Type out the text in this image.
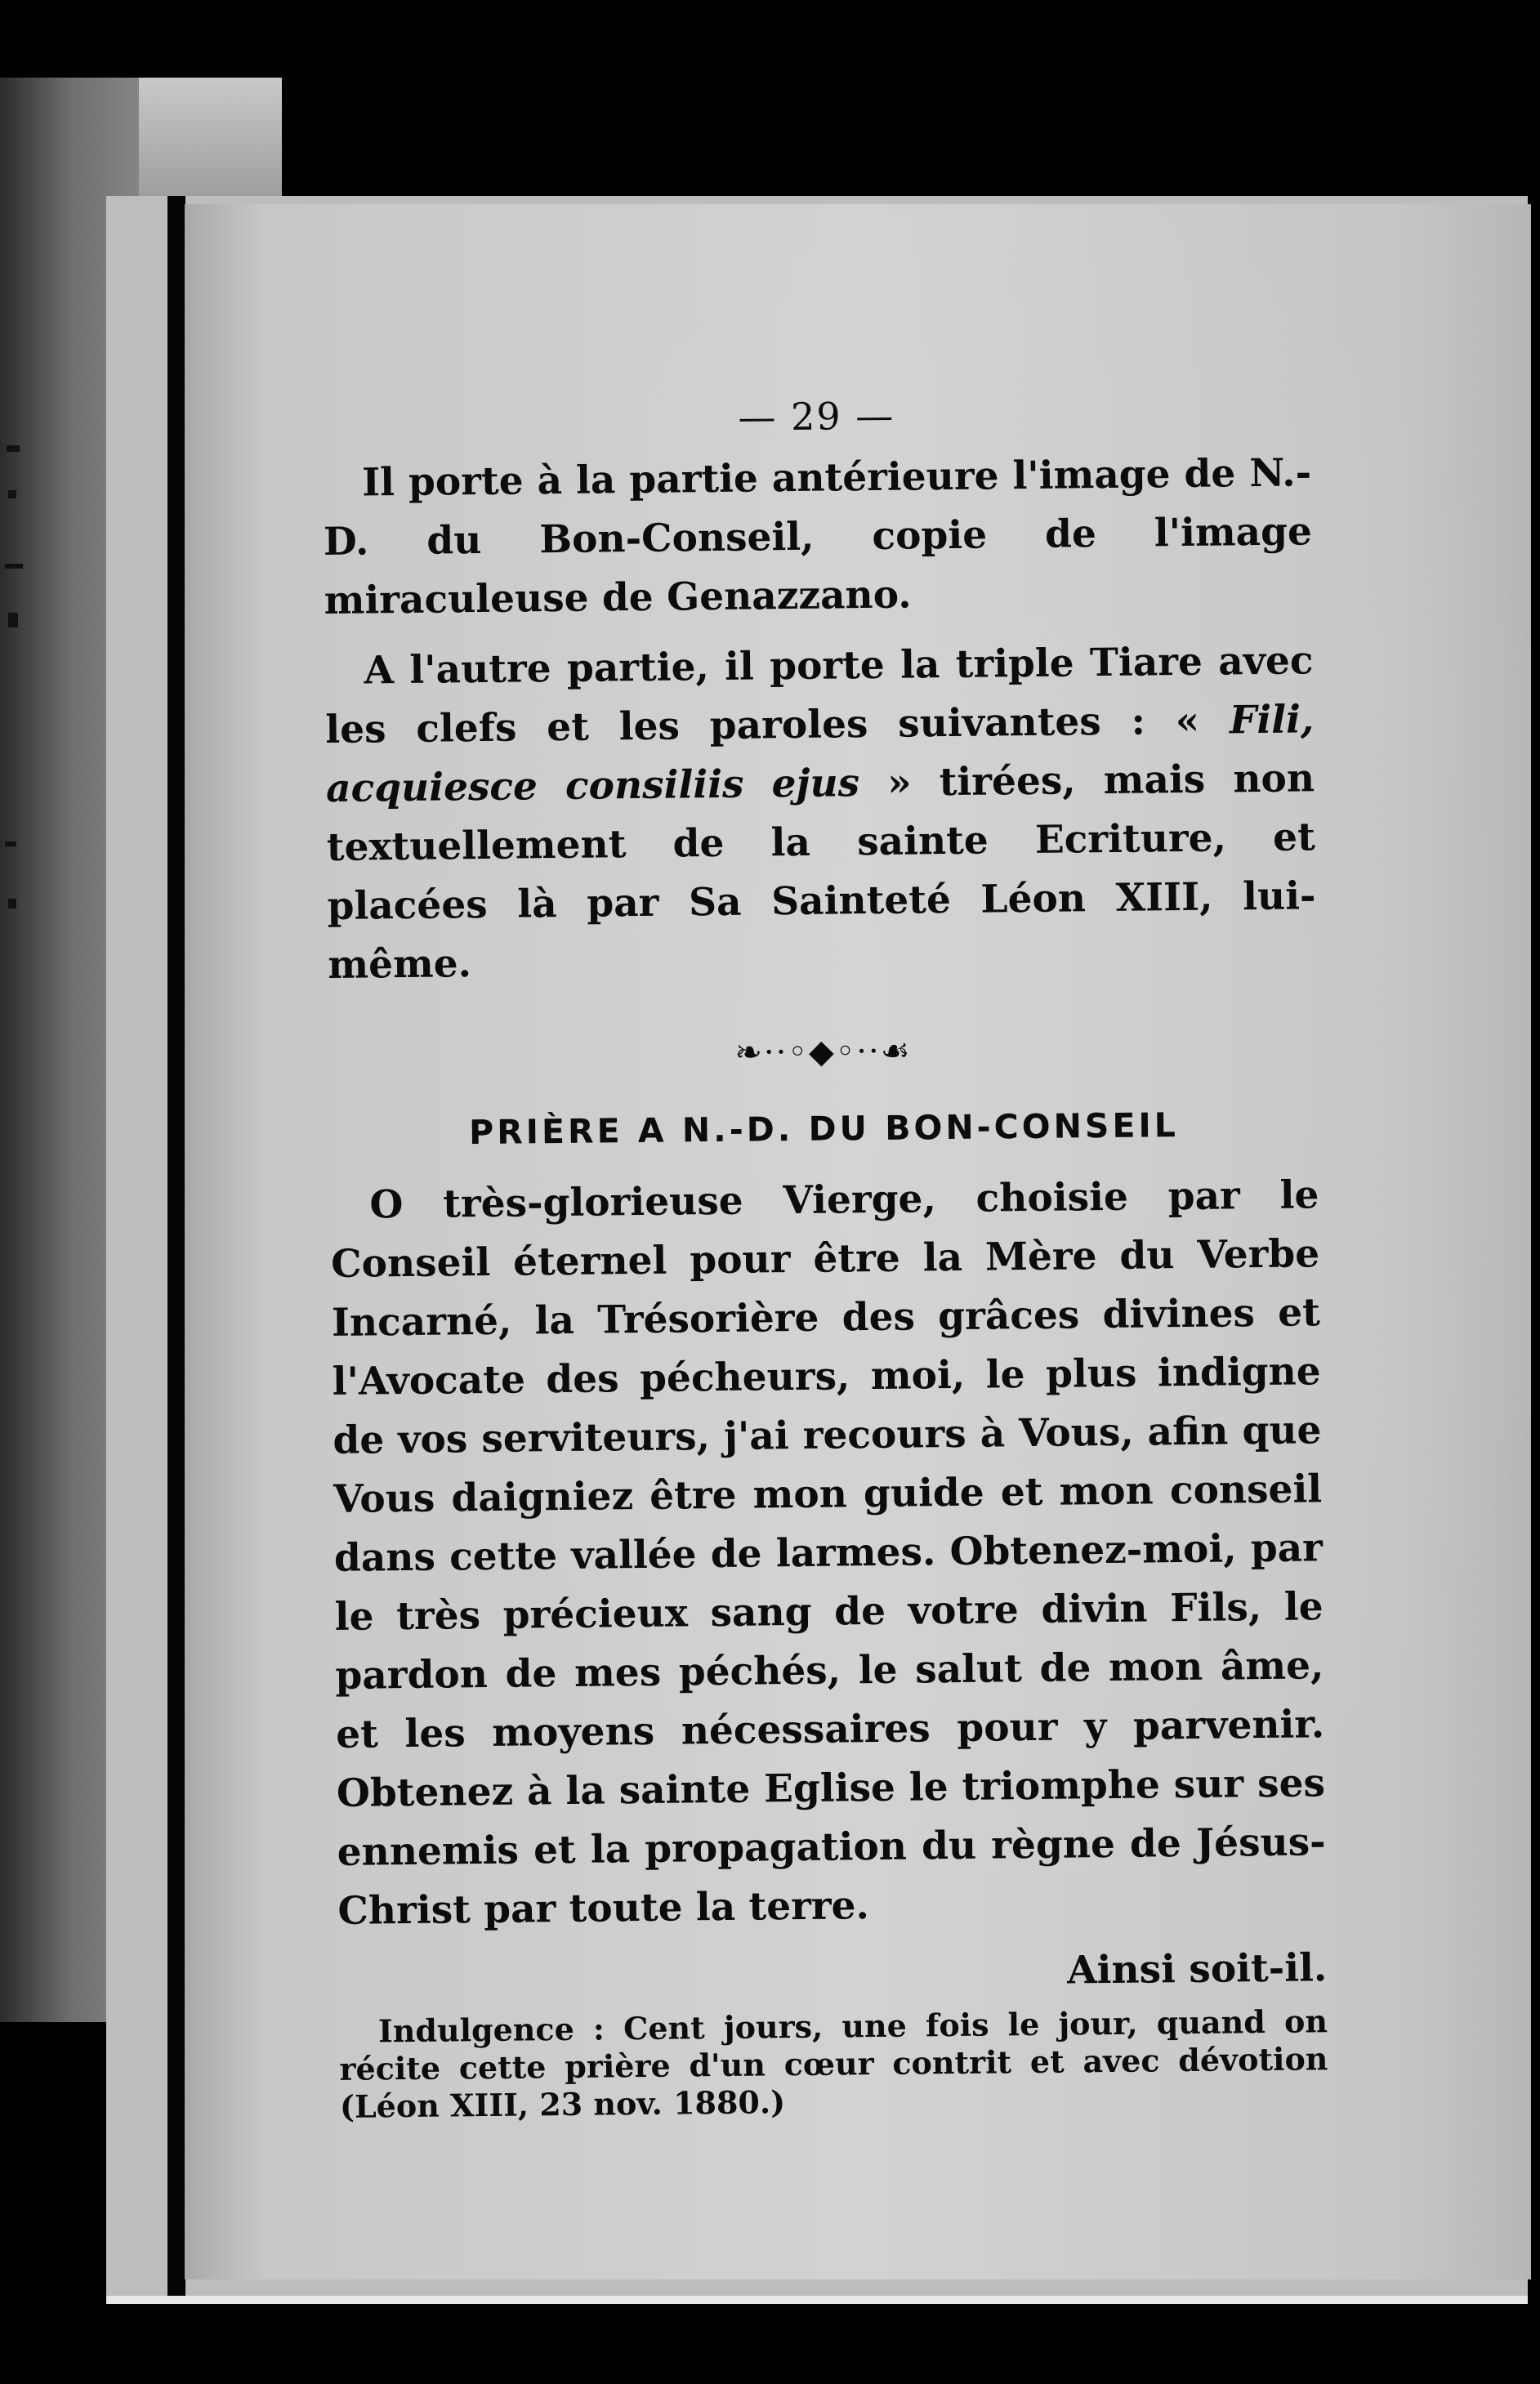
— 29 —

Il porte à la partie antérieure l'image de N.-D. du Bon-Conseil, copie de l'image miraculeuse de Genazzano.

A l'autre partie, il porte la triple Tiare avec les clefs et les paroles suivantes : « Fili, acquiesce consiliis ejus » tirées, mais non textuellement de la sainte Ecriture, et placées là par Sa Sainteté Léon XIII, lui-même.

❧··◦◆◦··☙
PRIÈRE A N.-D. DU BON-CONSEIL

O très-glorieuse Vierge, choisie par le Conseil éternel pour être la Mère du Verbe Incarné, la Trésorière des grâces divines et l'Avocate des pécheurs, moi, le plus indigne de vos serviteurs, j'ai recours à Vous, afin que Vous daigniez être mon guide et mon conseil dans cette vallée de larmes. Obtenez-moi, par le très précieux sang de votre divin Fils, le pardon de mes péchés, le salut de mon âme, et les moyens nécessaires pour y parvenir. Obtenez à la sainte Eglise le triomphe sur ses ennemis et la propagation du règne de Jésus-Christ par toute la terre.

Ainsi soit-il.

Indulgence : Cent jours, une fois le jour, quand on récite cette prière d'un cœur contrit et avec dévotion (Léon XIII, 23 nov. 1880.)
